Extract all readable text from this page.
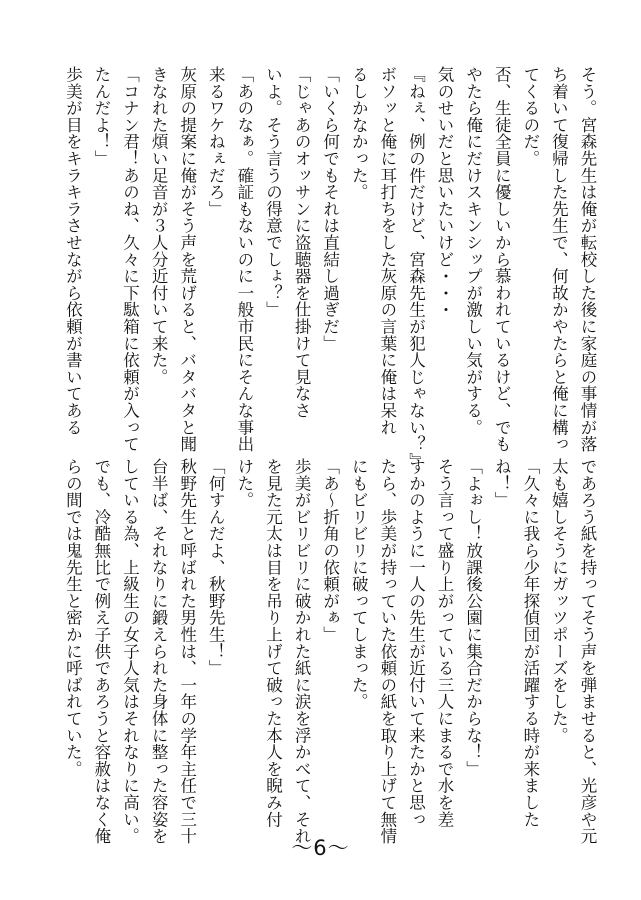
そう。宮森先生は俺が転校した後に家庭の事情が落
ち着いて復帰した先生で、何故かやたらと俺に構っ
てくるのだ。
否、生徒全員に優しいから慕われているけど、でも
やたら俺にだけスキンシップが激しい気がする。
気のせいだと思いたいけど・・・
『ねぇ、例の件だけど、宮森先生が犯人じゃない？』
ボソッと俺に耳打ちをした灰原の言葉に俺は呆れ
るしかなかった。
「いくら何でもそれは直結し過ぎだ」
「じゃあのオッサンに盗聴器を仕掛けて見なさ
いよ。そう言うの得意でしょ？」
「あのなぁ。確証もないのに一般市民にそんな事出
来るワケねぇだろ」
灰原の提案に俺がそう声を荒げると、バタバタと聞
きなれた煩い足音が３人分近付いて来た。
「コナン君！あのね、久々に下駄箱に依頼が入って
たんだよ！」
歩美が目をキラキラさせながら依頼が書いてある
であろう紙を持ってそう声を弾ませると、光彦や元
太も嬉しそうにガッツポーズをした。
「久々に我ら少年探偵団が活躍する時が来ました
ね！」
「よぉし！放課後公園に集合だからな！」
そう言って盛り上がっている三人にまるで水を差
すかのように一人の先生が近付いて来たかと思っ
たら、歩美が持っていた依頼の紙を取り上げて無情
にもビリビリに破ってしまった。
「あ～折角の依頼がぁ」
歩美がビリビリに破かれた紙に涙を浮かべて、それ
を見た元太は目を吊り上げて破った本人を睨み付
けた。
「何すんだよ、秋野先生！」
秋野先生と呼ばれた男性は、一年の学年主任で三十
台半ば、それなりに鍛えられた身体に整った容姿を
している為、上級生の女子人気はそれなりに高い。
でも、冷酷無比で例え子供であろうと容赦はなく俺
らの間では鬼先生と密かに呼ばれていた。
～6～
